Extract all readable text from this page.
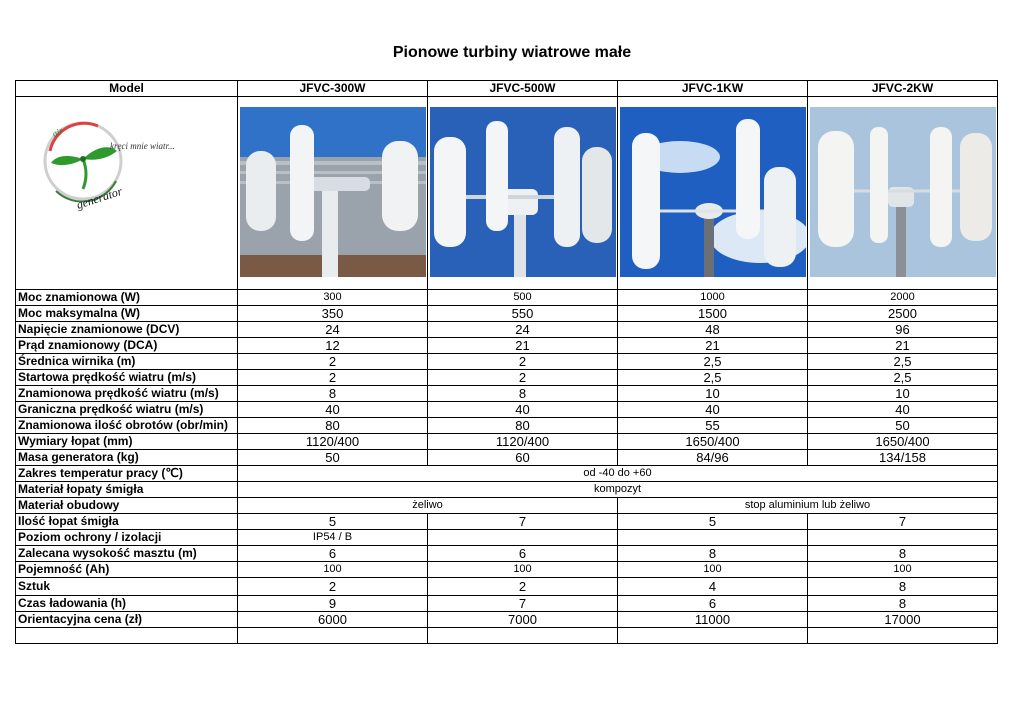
Pionowe turbiny wiatrowe małe
Model	JFVC-300W	JFVC-500W	JFVC-1KW	JFVC-2KW

air
kręci mnie wiatr...
generator

Moc znamionowa (W)	300	500	1000	2000
Moc maksymalna (W)	350	550	1500	2500
Napięcie znamionowe (DCV)	24	24	48	96
Prąd znamionowy (DCA)	12	21	21	21
Średnica wirnika (m)	2	2	2,5	2,5
Startowa prędkość wiatru (m/s)	2	2	2,5	2,5
Znamionowa prędkość wiatru (m/s)	8	8	10	10
Graniczna prędkość wiatru (m/s)	40	40	40	40
Znamionowa ilość obrotów (obr/min)	80	80	55	50
Wymiary łopat (mm)	1120/400	1120/400	1650/400	1650/400
Masa generatora (kg)	50	60	84/96	134/158
Zakres temperatur pracy (℃)	od -40 do +60			
Materiał łopaty śmigła	kompozyt			
Materiał obudowy	żeliwo		stop aluminium lub żeliwo	
Ilość łopat śmigła	5	7	5	7
Poziom ochrony / izolacji	IP54 / B			
Zalecana wysokość masztu (m)	6	6	8	8
Pojemność (Ah)	100	100	100	100
Sztuk	2	2	4	8
Czas ładowania (h)	9	7	6	8
Orientacyjna cena (zł)	6000	7000	11000	17000
